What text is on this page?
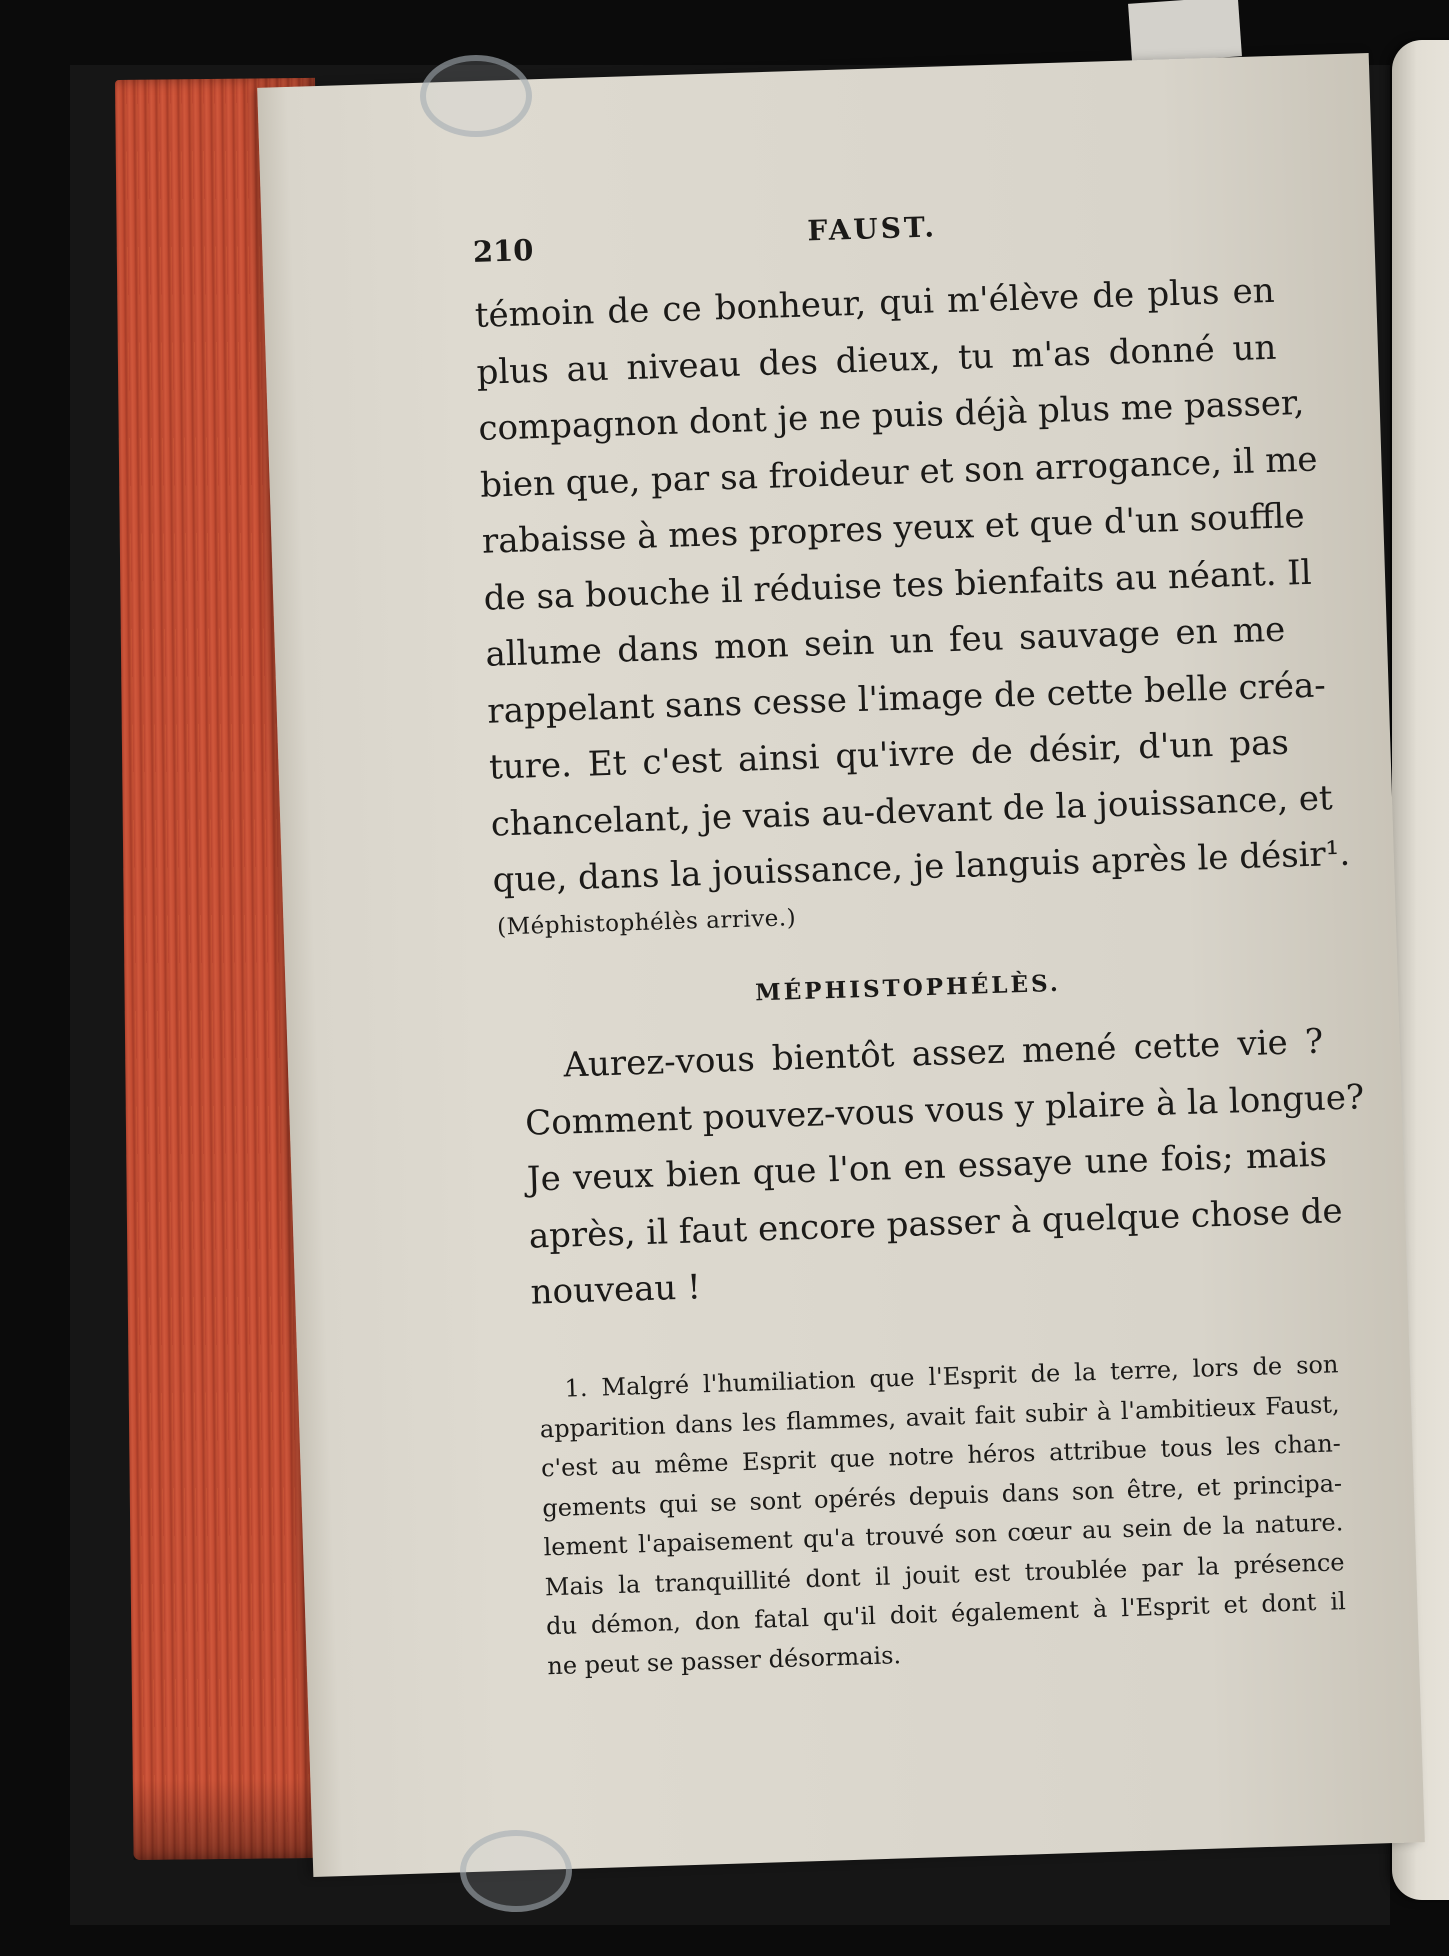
210
FAUST.
témoin de ce bonheur, qui m'élève de plus en
plus au niveau des dieux, tu m'as donné un
compagnon dont je ne puis déjà plus me passer,
bien que, par sa froideur et son arrogance, il me
rabaisse à mes propres yeux et que d'un souffle
de sa bouche il réduise tes bienfaits au néant. Il
allume dans mon sein un feu sauvage en me
rappelant sans cesse l'image de cette belle créa-
ture. Et c'est ainsi qu'ivre de désir, d'un pas
chancelant, je vais au-devant de la jouissance, et
que, dans la jouissance, je languis après le désir¹.
(Méphistophélès arrive.)
MÉPHISTOPHÉLÈS.
Aurez-vous bientôt assez mené cette vie ?
Comment pouvez-vous vous y plaire à la longue?
Je veux bien que l'on en essaye une fois; mais
après, il faut encore passer à quelque chose de
nouveau !
1. Malgré l'humiliation que l'Esprit de la terre, lors de son
apparition dans les flammes, avait fait subir à l'ambitieux Faust,
c'est au même Esprit que notre héros attribue tous les chan-
gements qui se sont opérés depuis dans son être, et principa-
lement l'apaisement qu'a trouvé son cœur au sein de la nature.
Mais la tranquillité dont il jouit est troublée par la présence
du démon, don fatal qu'il doit également à l'Esprit et dont il
ne peut se passer désormais.
